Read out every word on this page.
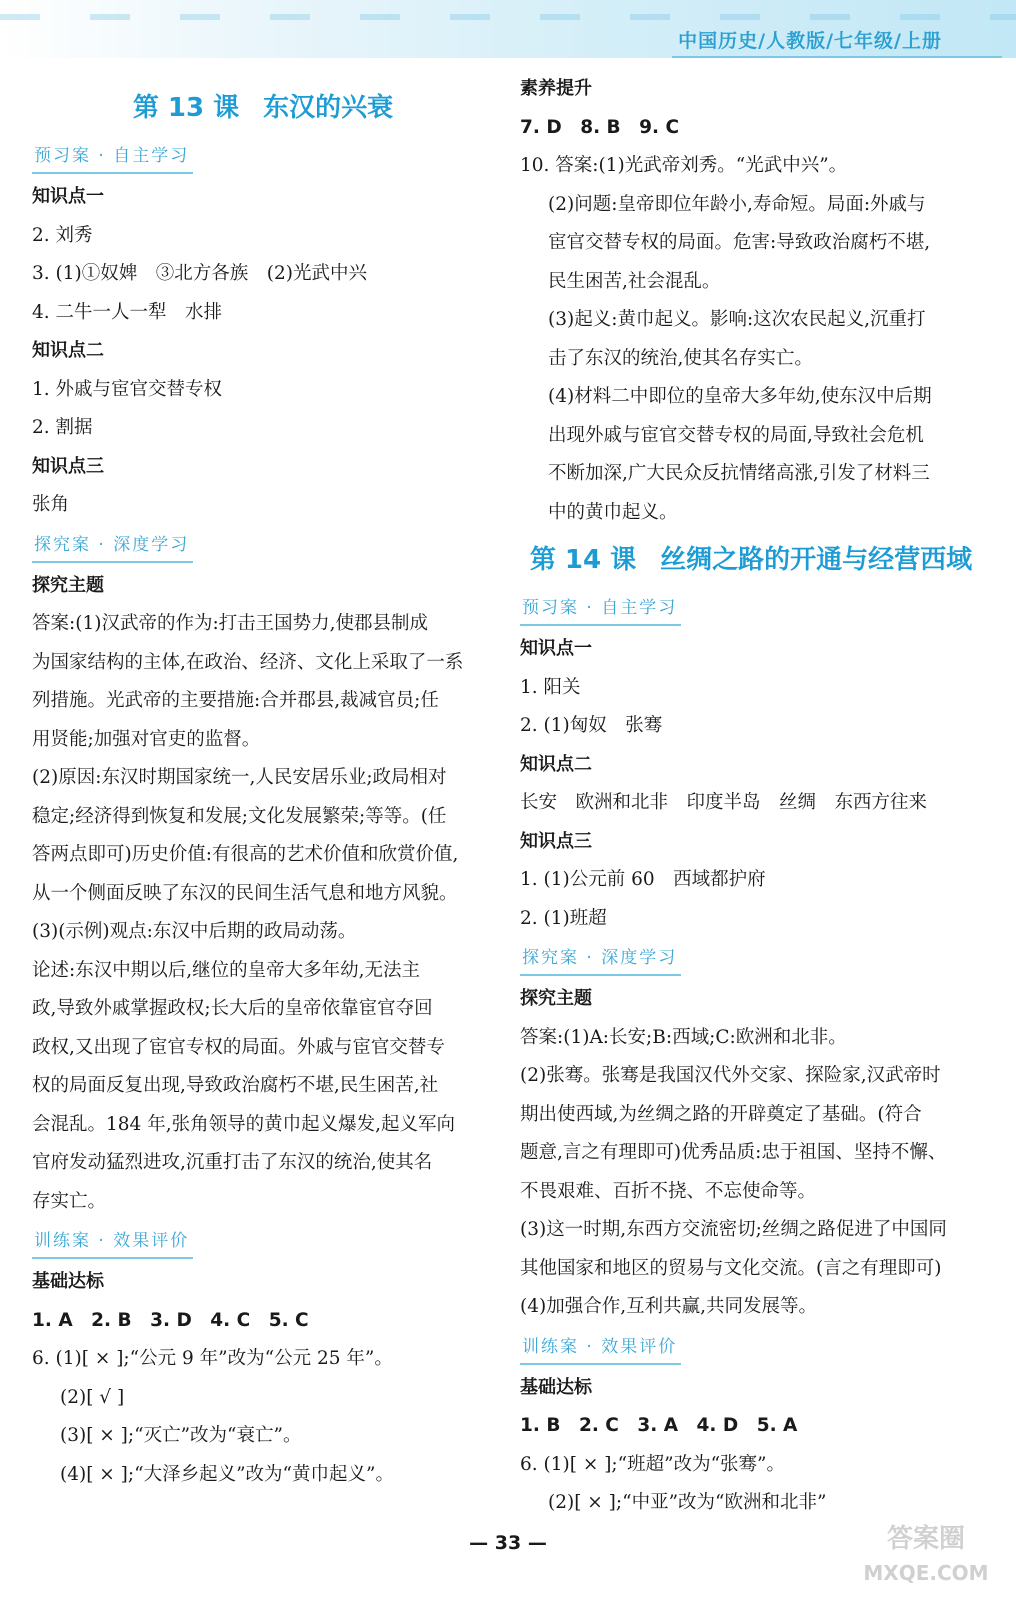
中国历史/人教版/七年级/上册
第 13 课 东汉的兴衰
预习案 · 自主学习
知识点一
2. 刘秀
3. (1)①奴婢　③北方各族　(2)光武中兴
4. 二牛一人一犁　水排
知识点二
1. 外戚与宦官交替专权
2. 割据
知识点三
张角
探究案 · 深度学习
探究主题
答案:(1)汉武帝的作为:打击王国势力,使郡县制成
为国家结构的主体,在政治、经济、文化上采取了一系
列措施。光武帝的主要措施:合并郡县,裁减官员;任
用贤能;加强对官吏的监督。
(2)原因:东汉时期国家统一,人民安居乐业;政局相对
稳定;经济得到恢复和发展;文化发展繁荣;等等。(任
答两点即可)历史价值:有很高的艺术价值和欣赏价值,
从一个侧面反映了东汉的民间生活气息和地方风貌。
(3)(示例)观点:东汉中后期的政局动荡。
论述:东汉中期以后,继位的皇帝大多年幼,无法主
政,导致外戚掌握政权;长大后的皇帝依靠宦官夺回
政权,又出现了宦官专权的局面。外戚与宦官交替专
权的局面反复出现,导致政治腐朽不堪,民生困苦,社
会混乱。184 年,张角领导的黄巾起义爆发,起义军向
官府发动猛烈进攻,沉重打击了东汉的统治,使其名
存实亡。
训练案 · 效果评价
基础达标
1. A　2. B　3. D　4. C　5. C
6. (1)[ × ];“公元 9 年”改为“公元 25 年”。
(2)[ √ ]
(3)[ × ];“灭亡”改为“衰亡”。
(4)[ × ];“大泽乡起义”改为“黄巾起义”。
素养提升
7. D　8. B　9. C
10. 答案:(1)光武帝刘秀。“光武中兴”。
(2)问题:皇帝即位年龄小,寿命短。局面:外戚与
宦官交替专权的局面。危害:导致政治腐朽不堪,
民生困苦,社会混乱。
(3)起义:黄巾起义。影响:这次农民起义,沉重打
击了东汉的统治,使其名存实亡。
(4)材料二中即位的皇帝大多年幼,使东汉中后期
出现外戚与宦官交替专权的局面,导致社会危机
不断加深,广大民众反抗情绪高涨,引发了材料三
中的黄巾起义。
第 14 课 丝绸之路的开通与经营西域
预习案 · 自主学习
知识点一
1. 阳关
2. (1)匈奴　张骞
知识点二
长安　欧洲和北非　印度半岛　丝绸　东西方往来
知识点三
1. (1)公元前 60　西域都护府
2. (1)班超
探究案 · 深度学习
探究主题
答案:(1)A:长安;B:西域;C:欧洲和北非。
(2)张骞。张骞是我国汉代外交家、探险家,汉武帝时
期出使西域,为丝绸之路的开辟奠定了基础。(符合
题意,言之有理即可)优秀品质:忠于祖国、坚持不懈、
不畏艰难、百折不挠、不忘使命等。
(3)这一时期,东西方交流密切;丝绸之路促进了中国同
其他国家和地区的贸易与文化交流。(言之有理即可)
(4)加强合作,互利共赢,共同发展等。
训练案 · 效果评价
基础达标
1. B　2. C　3. A　4. D　5. A
6. (1)[ × ];“班超”改为“张骞”。
(2)[ × ];“中亚”改为“欧洲和北非”
— 33 —	答案圈
MXQE.COM
